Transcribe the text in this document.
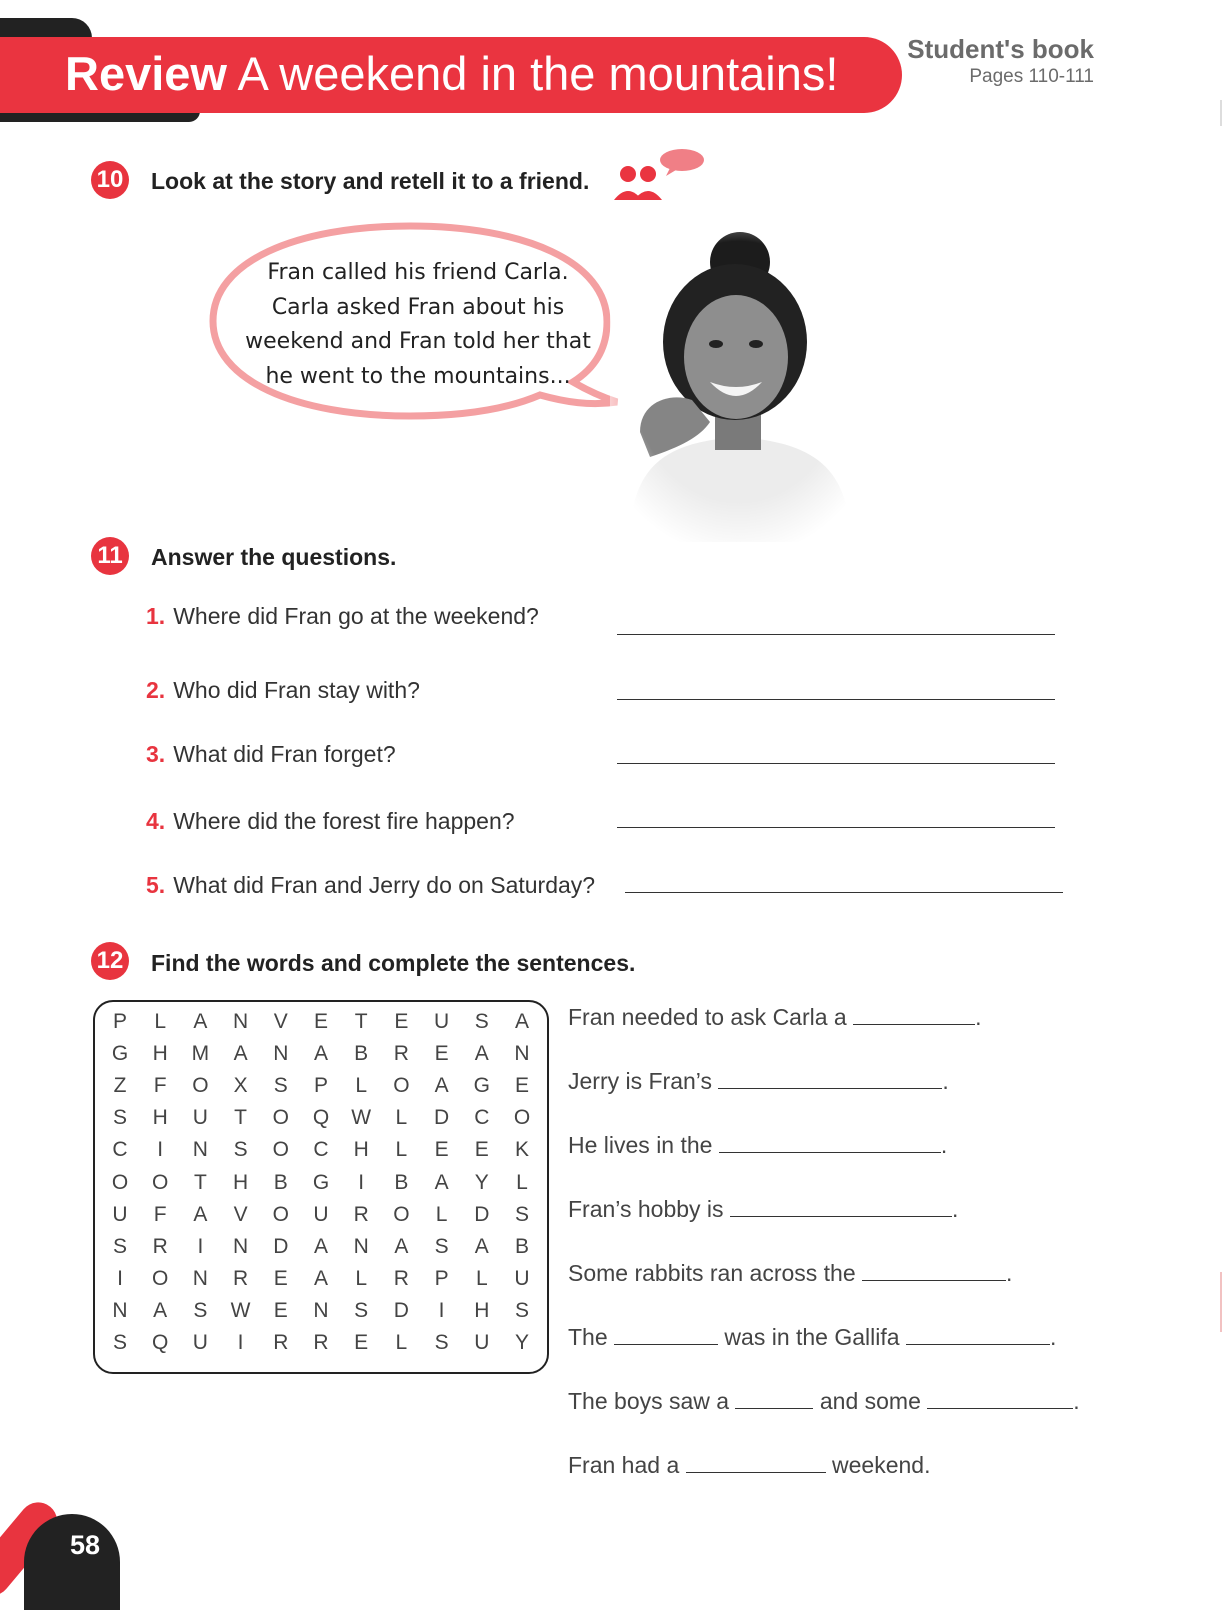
Review A weekend in the mountains!	Student's book
Pages 110-111
10 Look at the story and retell it to a friend.
Fran called his friend Carla.
Carla asked Fran about his
weekend and Fran told her that
he went to the mountains...
11 Answer the questions.
1. Where did Fran go at the weekend?
2. Who did Fran stay with?
3. What did Fran forget?
4. Where did the forest fire happen?
5. What did Fran and Jerry do on Saturday?
12 Find the words and complete the sentences.
P	L	A	N	V	E	T	E	U	S	A
G	H	M	A	N	A	B	R	E	A	N
Z	F	O	X	S	P	L	O	A	G	E
S	H	U	T	O	Q	W	L	D	C	O
C	I	N	S	O	C	H	L	E	E	K
O	O	T	H	B	G	I	B	A	Y	L
U	F	A	V	O	U	R	O	L	D	S
S	R	I	N	D	A	N	A	S	A	B
I	O	N	R	E	A	L	R	P	L	U
N	A	S	W	E	N	S	D	I	H	S
S	Q	U	I	R	R	E	L	S	U	Y
Fran needed to ask Carla a	.
Jerry is Fran’s	.
He lives in the	.
Fran’s hobby is	.
Some rabbits ran across the	.
The	was in the Gallifa	.
The boys saw a	and some	.
Fran had a	weekend.
58
